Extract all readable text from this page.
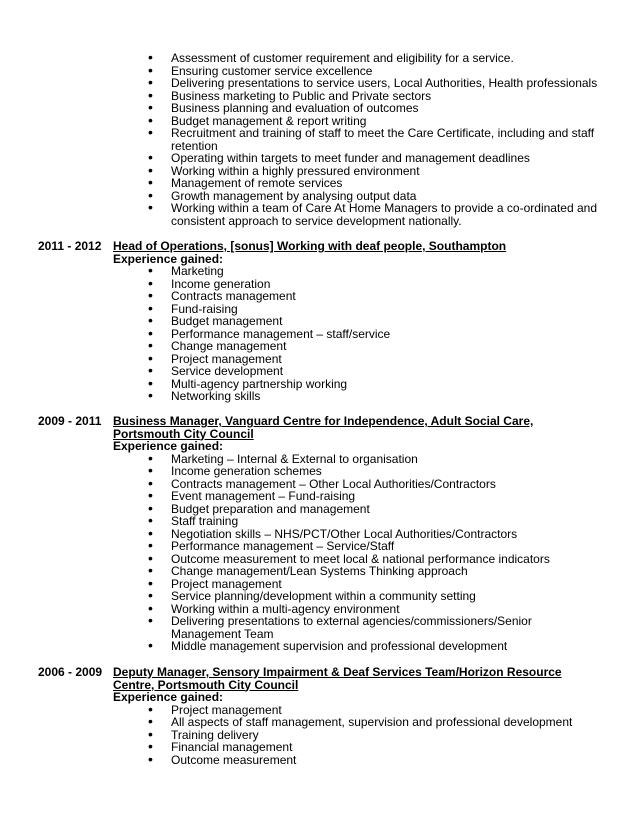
• Assessment of customer requirement and eligibility for a service.
• Ensuring customer service excellence
• Delivering presentations to service users, Local Authorities, Health professionals
• Business marketing to Public and Private sectors
• Business planning and evaluation of outcomes
• Budget management & report writing
• Recruitment and training of staff to meet the Care Certificate, including and staff retention
• Operating within targets to meet funder and management deadlines
• Working within a highly pressured environment
• Management of remote services
• Growth management by analysing output data
• Working within a team of Care At Home Managers to provide a co-ordinated and consistent approach to service development nationally.
2011 - 2012 Head of Operations, [sonus] Working with deaf people, Southampton
Experience gained:
• Marketing
• Income generation
• Contracts management
• Fund-raising
• Budget management
• Performance management – staff/service
• Change management
• Project management
• Service development
• Multi-agency partnership working
• Networking skills
2009 - 2011 Business Manager, Vanguard Centre for Independence, Adult Social Care, Portsmouth City Council
Experience gained:
• Marketing – Internal & External to organisation
• Income generation schemes
• Contracts management – Other Local Authorities/Contractors
• Event management – Fund-raising
• Budget preparation and management
• Staff training
• Negotiation skills – NHS/PCT/Other Local Authorities/Contractors
• Performance management – Service/Staff
• Outcome measurement to meet local & national performance indicators
• Change management/Lean Systems Thinking approach
• Project management
• Service planning/development within a community setting
• Working within a multi-agency environment
• Delivering presentations to external agencies/commissioners/Senior Management Team
• Middle management supervision and professional development
2006 - 2009 Deputy Manager, Sensory Impairment & Deaf Services Team/Horizon Resource Centre, Portsmouth City Council
Experience gained:
• Project management
• All aspects of staff management, supervision and professional development
• Training delivery
• Financial management
• Outcome measurement
